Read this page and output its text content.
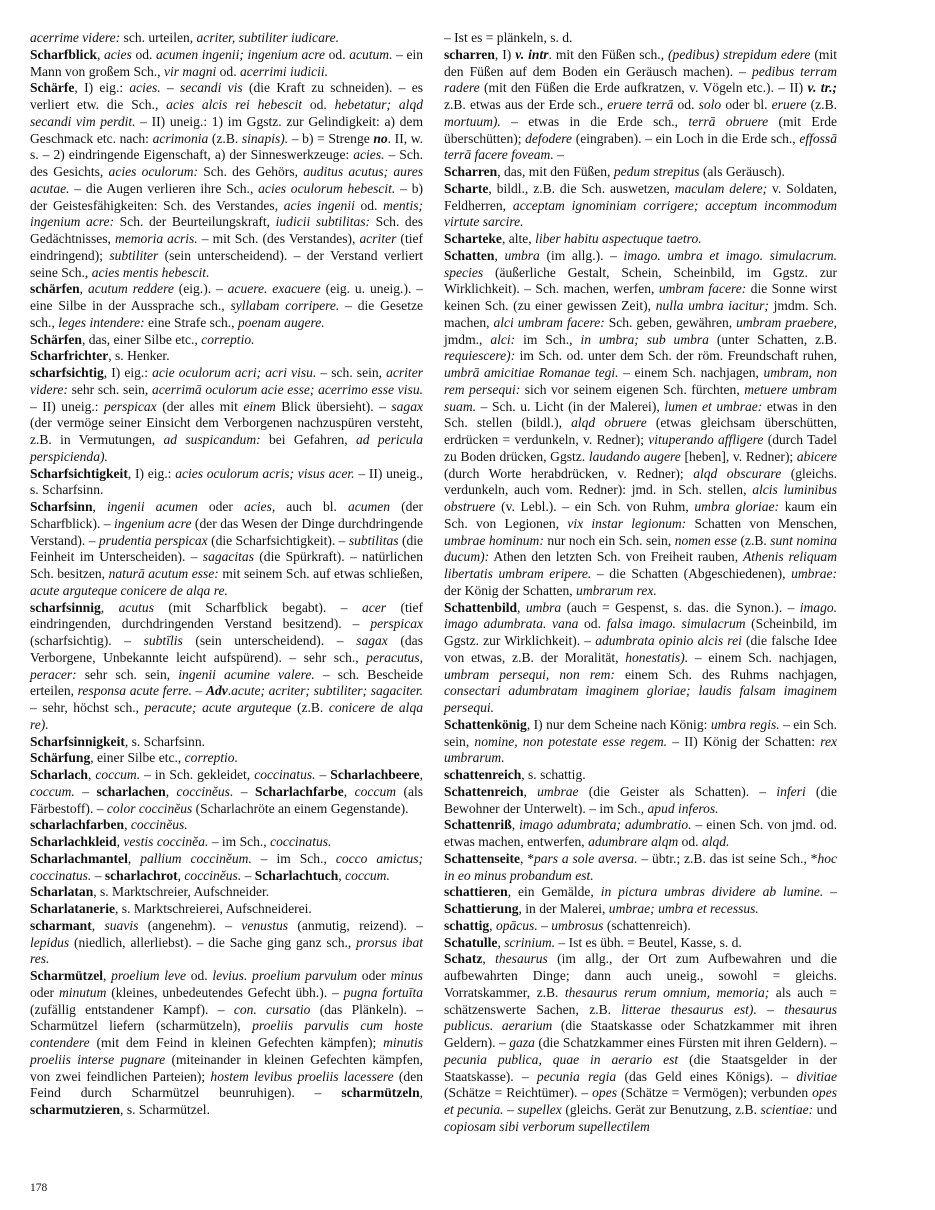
acerrime videre: sch. urteilen, acriter, subtiliter iudicare.

Scharfblick, acies od. acumen ingenii; ingenium acre od. acutum. – ein Mann von großem Sch., vir magni od. acerrimi iudicii.

Schärfe, I) eig.: acies. – secandi vis (die Kraft zu schneiden). – es verliert etw. die Sch., acies alcis rei hebescit od. hebetatur; alqd secandi vim perdit. – II) uneig.: 1) im Ggstz. zur Gelindigkeit: a) dem Geschmack etc. nach: acrimonia (z.B. sinapis). – b) = Strenge no. II, w. s. – 2) eindringende Eigenschaft, a) der Sinneswerkzeuge: acies. – Sch. des Gesichts, acies oculorum: Sch. des Gehörs, auditus acutus; aures acutae. – die Augen verlieren ihre Sch., acies oculorum hebescit. – b) der Geistesfähigkeiten: Sch. des Verstandes, acies ingenii od. mentis; ingenium acre: Sch. der Beurteilungskraft, iudicii subtilitas: Sch. des Gedächtnisses, memoria acris. – mit Sch. (des Verstandes), acriter (tief eindringend); subtiliter (sein unterscheidend). – der Verstand verliert seine Sch., acies mentis hebescit.

schärfen, acutum reddere (eig.). – acuere. exacuere (eig. u. uneig.). – eine Silbe in der Aussprache sch., syllabam corripere. – die Gesetze sch., leges intendere: eine Strafe sch., poenam augere.

Schärfen, das, einer Silbe etc., correptio.

Scharfrichter, s. Henker.

scharfsichtig, I) eig.: acie oculorum acri; acri visu. – sch. sein, acriter videre: sehr sch. sein, acerrimā oculorum acie esse; acerrimo esse visu. – II) uneig.: perspicax (der alles mit einem Blick übersieht). – sagax (der vermöge seiner Einsicht dem Verborgenen nachzuspüren versteht, z.B. in Vermutungen, ad suspicandum: bei Gefahren, ad pericula perspicienda).

Scharfsichtigkeit, I) eig.: acies oculorum acris; visus acer. – II) uneig., s. Scharfsinn.

Scharfsinn, ingenii acumen oder acies, auch bl. acumen (der Scharfblick). – ingenium acre (der das Wesen der Dinge durchdringende Verstand). – prudentia perspicax (die Scharfsichtigkeit). – subtilitas (die Feinheit im Unterscheiden). – sagacitas (die Spürkraft). – natürlichen Sch. besitzen, naturā acutum esse: mit seinem Sch. auf etwas schließen, acute arguteque conicere de alqa re.

scharfsinnig, acutus (mit Scharfblick begabt). – acer (tief eindringenden, durchdringenden Verstand besitzend). – perspicax (scharfsichtig). – subtīlis (sein unterscheidend). – sagax (das Verborgene, Unbekannte leicht aufspürend). – sehr sch., peracutus, peracer: sehr sch. sein, ingenii acumine valere. – sch. Bescheide erteilen, responsa acute ferre. – Adv.acute; acriter; subtiliter; sagaciter. – sehr, höchst sch., peracute; acute arguteque (z.B. conicere de alqa re).

Scharfsinnigkeit, s. Scharfsinn.

Schärfung, einer Silbe etc., correptio.

Scharlach, coccum. – in Sch. gekleidet, coccinatus. – Scharlachbeere, coccum. – scharlachen, coccinĕus. – Scharlachfarbe, coccum (als Färbestoff). – color coccinĕus (Scharlachröte an einem Gegenstande).

scharlachfarben, coccinĕus.

Scharlachkleid, vestis coccinĕa. – im Sch., coccinatus.

Scharlachmantel, pallium coccinĕum. – im Sch., cocco amictus; coccinatus. – scharlachrot, coccinĕus. – Scharlachtuch, coccum.

Scharlatan, s. Marktschreier, Aufschneider.

Scharlatanerie, s. Marktschreierei, Aufschneiderei.

scharmant, suavis (angenehm). – venustus (anmutig, reizend). – lepidus (niedlich, allerliebst). – die Sache ging ganz sch., prorsus ibat res.

Scharmützel, proelium leve od. levius. proelium parvulum oder minus oder minutum (kleines, unbedeutendes Gefecht übh.). – pugna fortuīta (zufällig entstandener Kampf). – con. cursatio (das Plänkeln). – Scharmützel liefern (scharmützeln), proeliis parvulis cum hoste contendere (mit dem Feind in kleinen Gefechten kämpfen); minutis proeliis interse pugnare (miteinander in kleinen Gefechten kämpfen, von zwei feindlichen Parteien); hostem levibus proeliis lacessere (den Feind durch Scharmützel beunruhigen). – scharmützeln, scharmutzieren, s. Scharmützel.

– Ist es = plänkeln, s. d.

scharren, I) v. intr. mit den Füßen sch., (pedibus) strepidum edere (mit den Füßen auf dem Boden ein Geräusch machen). – pedibus terram radere (mit den Füßen die Erde aufkratzen, v. Vögeln etc.). – II) v. tr.; z.B. etwas aus der Erde sch., eruere terrā od. solo oder bl. eruere (z.B. mortuum). – etwas in die Erde sch., terrā obruere (mit Erde überschütten); defodere (eingraben). – ein Loch in die Erde sch., effossā terrā facere foveam. –

Scharren, das, mit den Füßen, pedum strepitus (als Geräusch).

Scharte, bildl., z.B. die Sch. auswetzen, maculam delere; v. Soldaten, Feldherren, acceptam ignominiam corrigere; acceptum incommodum virtute sarcire.

Scharteke, alte, liber habitu aspectuque taetro.

Schatten, umbra (im allg.). – imago. umbra et imago. simulacrum. species (äußerliche Gestalt, Schein, Scheinbild, im Ggstz. zur Wirklichkeit). – Sch. machen, werfen, umbram facere: die Sonne wirst keinen Sch. (zu einer gewissen Zeit), nulla umbra iacitur; jmdm. Sch. machen, alci umbram facere: Sch. geben, gewähren, umbram praebere, jmdm., alci: im Sch., in umbra; sub umbra (unter Schatten, z.B. requiescere): im Sch. od. unter dem Sch. der röm. Freundschaft ruhen, umbrā amicitiae Romanae tegi. – einem Sch. nachjagen, umbram, non rem persequi: sich vor seinem eigenen Sch. fürchten, metuere umbram suam. – Sch. u. Licht (in der Malerei), lumen et umbrae: etwas in den Sch. stellen (bildl.), alqd obruere (etwas gleichsam überschütten, erdrücken = verdunkeln, v. Redner); vituperando affligere (durch Tadel zu Boden drücken, Ggstz. laudando augere [heben], v. Redner); abicere (durch Worte herabdrücken, v. Redner); alqd obscurare (gleichs. verdunkeln, auch vom. Redner): jmd. in Sch. stellen, alcis luminibus obstruere (v. Lebl.). – ein Sch. von Ruhm, umbra gloriae: kaum ein Sch. von Legionen, vix instar legionum: Schatten von Menschen, umbrae hominum: nur noch ein Sch. sein, nomen esse (z.B. sunt nomina ducum): Athen den letzten Sch. von Freiheit rauben, Athenis reliquam libertatis umbram eripere. – die Schatten (Abgeschiedenen), umbrae: der König der Schatten, umbrarum rex.

Schattenbild, umbra (auch = Gespenst, s. das. die Synon.). – imago. imago adumbrata. vana od. falsa imago. simulacrum (Scheinbild, im Ggstz. zur Wirklichkeit). – adumbrata opinio alcis rei (die falsche Idee von etwas, z.B. der Moralität, honestatis). – einem Sch. nachjagen, umbram persequi, non rem: einem Sch. des Ruhms nachjagen, consectari adumbratam imaginem gloriae; laudis falsam imaginem persequi.

Schattenkönig, I) nur dem Scheine nach König: umbra regis. – ein Sch. sein, nomine, non potestate esse regem. – II) König der Schatten: rex umbrarum.

schattenreich, s. schattig.

Schattenreich, umbrae (die Geister als Schatten). – inferi (die Bewohner der Unterwelt). – im Sch., apud inferos.

Schattenriß, imago adumbrata; adumbratio. – einen Sch. von jmd. od. etwas machen, entwerfen, adumbrare alqm od. alqd.

Schattenseite, *pars a sole aversa. – übtr.; z.B. das ist seine Sch., *hoc in eo minus probandum est.

schattieren, ein Gemälde, in pictura umbras dividere ab lumine. – Schattierung, in der Malerei, umbrae; umbra et recessus.

schattig, opācus. – umbrosus (schattenreich).

Schatulle, scrinium. – Ist es übh. = Beutel, Kasse, s. d.

Schatz, thesaurus (im allg., der Ort zum Aufbewahren und die aufbewahrten Dinge; dann auch uneig., sowohl = gleichs. Vorratskammer, z.B. thesaurus rerum omnium, memoria; als auch = schätzenswerte Sachen, z.B. litterae thesaurus est). – thesaurus publicus. aerarium (die Staatskasse oder Schatzkammer mit ihren Geldern). – gaza (die Schatzkammer eines Fürsten mit ihren Geldern). – pecunia publica, quae in aerario est (die Staatsgelder in der Staatskasse). – pecunia regia (das Geld eines Königs). – divitiae (Schätze = Reichtümer). – opes (Schätze = Vermögen); verbunden opes et pecunia. – supellex (gleichs. Gerät zur Benutzung, z.B. scientiae: und copiosam sibi verborum supellectilem

178
